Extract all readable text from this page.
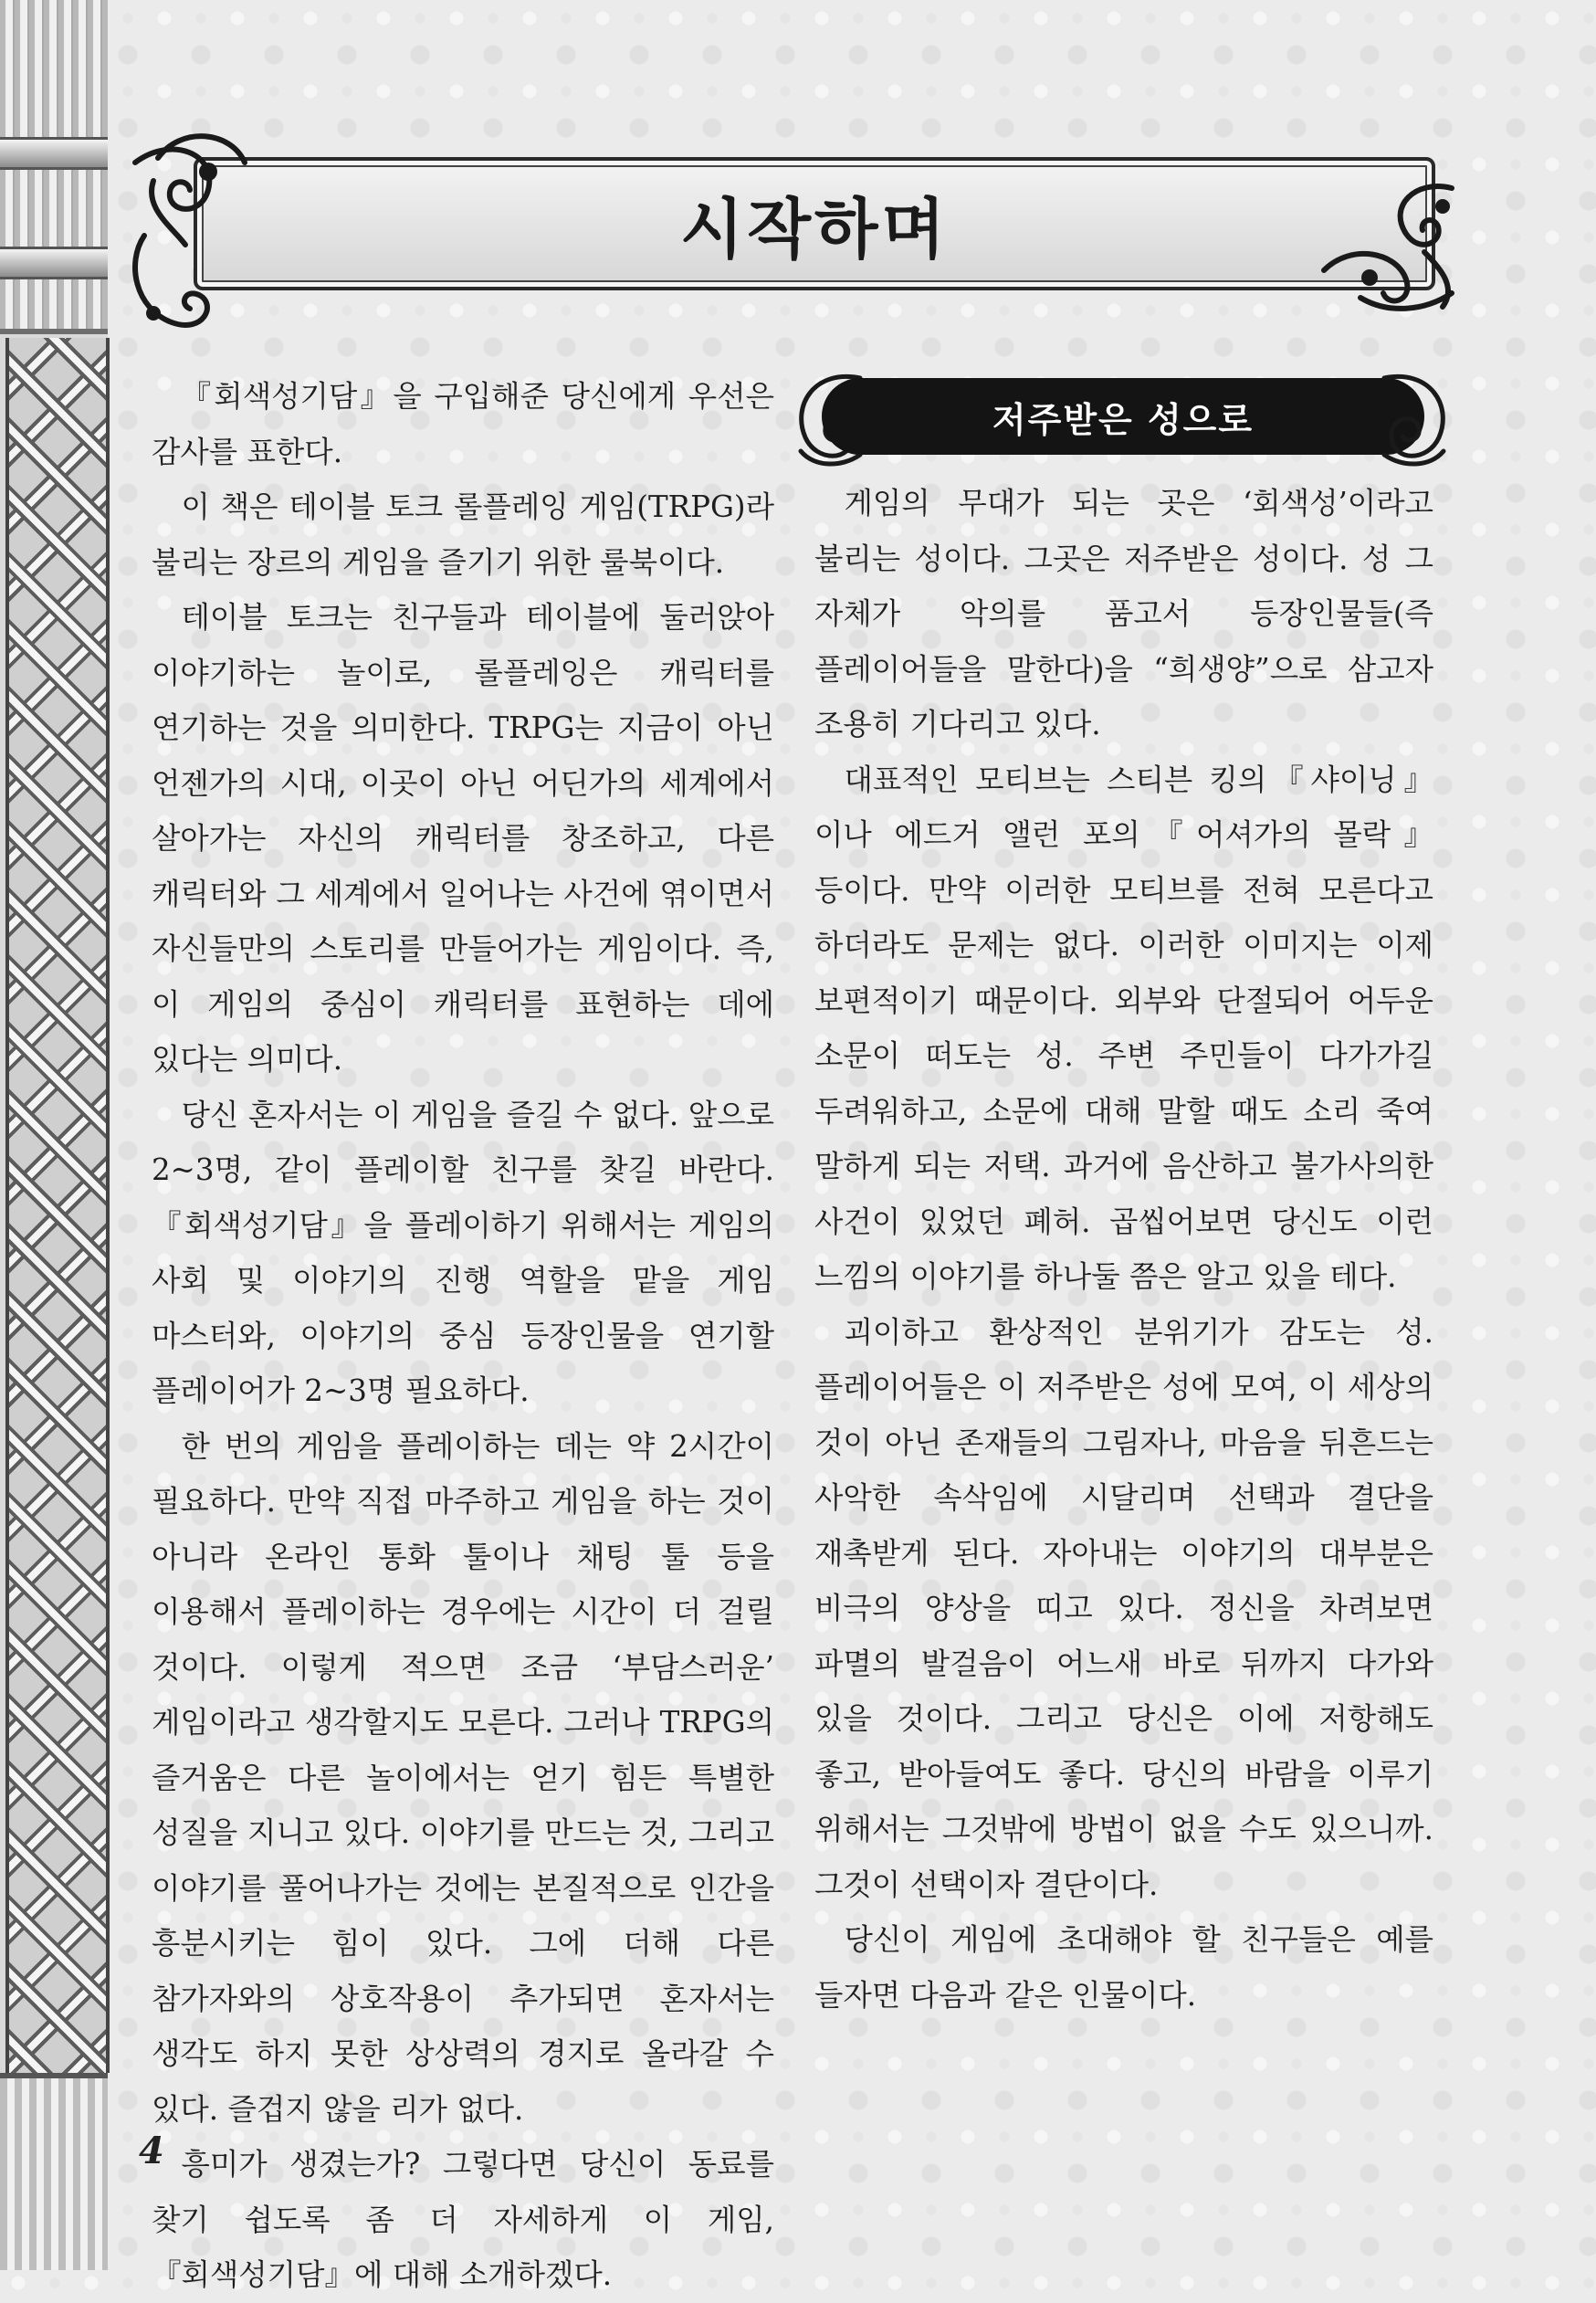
시작하며

『회색성기담』을 구입해준 당신에게 우선은 감사를 표한다.

이 책은 테이블 토크 롤플레잉 게임(TRPG)라 불리는 장르의 게임을 즐기기 위한 룰북이다.

테이블 토크는 친구들과 테이블에 둘러앉아 이야기하는 놀이로, 롤플레잉은 캐릭터를 연기하는 것을 의미한다. TRPG는 지금이 아닌 언젠가의 시대, 이곳이 아닌 어딘가의 세계에서 살아가는 자신의 캐릭터를 창조하고, 다른 캐릭터와 그 세계에서 일어나는 사건에 엮이면서 자신들만의 스토리를 만들어가는 게임이다. 즉, 이 게임의 중심이 캐릭터를 표현하는 데에 있다는 의미다.

당신 혼자서는 이 게임을 즐길 수 없다. 앞으로 2~3명, 같이 플레이할 친구를 찾길 바란다.『회색성기담』을 플레이하기 위해서는 게임의 사회 및 이야기의 진행 역할을 맡을 게임 마스터와, 이야기의 중심 등장인물을 연기할 플레이어가 2~3명 필요하다.

한 번의 게임을 플레이하는 데는 약 2시간이 필요하다. 만약 직접 마주하고 게임을 하는 것이 아니라 온라인 통화 툴이나 채팅 툴 등을 이용해서 플레이하는 경우에는 시간이 더 걸릴 것이다. 이렇게 적으면 조금 ‘부담스러운’ 게임이라고 생각할지도 모른다. 그러나 TRPG의 즐거움은 다른 놀이에서는 얻기 힘든 특별한 성질을 지니고 있다. 이야기를 만드는 것, 그리고 이야기를 풀어나가는 것에는 본질적으로 인간을 흥분시키는 힘이 있다. 그에 더해 다른 참가자와의 상호작용이 추가되면 혼자서는 생각도 하지 못한 상상력의 경지로 올라갈 수 있다. 즐겁지 않을 리가 없다.

흥미가 생겼는가? 그렇다면 당신이 동료를 찾기 쉽도록 좀 더 자세하게 이 게임,『회색성기담』에 대해 소개하겠다.

저주받은 성으로

게임의 무대가 되는 곳은 ‘회색성’이라고 불리는 성이다. 그곳은 저주받은 성이다. 성 그 자체가 악의를 품고서 등장인물들(즉 플레이어들을 말한다)을 “희생양”으로 삼고자 조용히 기다리고 있다.

대표적인 모티브는 스티븐 킹의『샤이닝』이나 에드거 앨런 포의『어셔가의 몰락』등이다. 만약 이러한 모티브를 전혀 모른다고 하더라도 문제는 없다. 이러한 이미지는 이제 보편적이기 때문이다. 외부와 단절되어 어두운 소문이 떠도는 성. 주변 주민들이 다가가길 두려워하고, 소문에 대해 말할 때도 소리 죽여 말하게 되는 저택. 과거에 음산하고 불가사의한 사건이 있었던 폐허. 곱씹어보면 당신도 이런 느낌의 이야기를 하나둘 쯤은 알고 있을 테다.

괴이하고 환상적인 분위기가 감도는 성. 플레이어들은 이 저주받은 성에 모여, 이 세상의 것이 아닌 존재들의 그림자나, 마음을 뒤흔드는 사악한 속삭임에 시달리며 선택과 결단을 재촉받게 된다. 자아내는 이야기의 대부분은 비극의 양상을 띠고 있다. 정신을 차려보면 파멸의 발걸음이 어느새 바로 뒤까지 다가와 있을 것이다. 그리고 당신은 이에 저항해도 좋고, 받아들여도 좋다. 당신의 바람을 이루기 위해서는 그것밖에 방법이 없을 수도 있으니까. 그것이 선택이자 결단이다.

당신이 게임에 초대해야 할 친구들은 예를 들자면 다음과 같은 인물이다.

4
